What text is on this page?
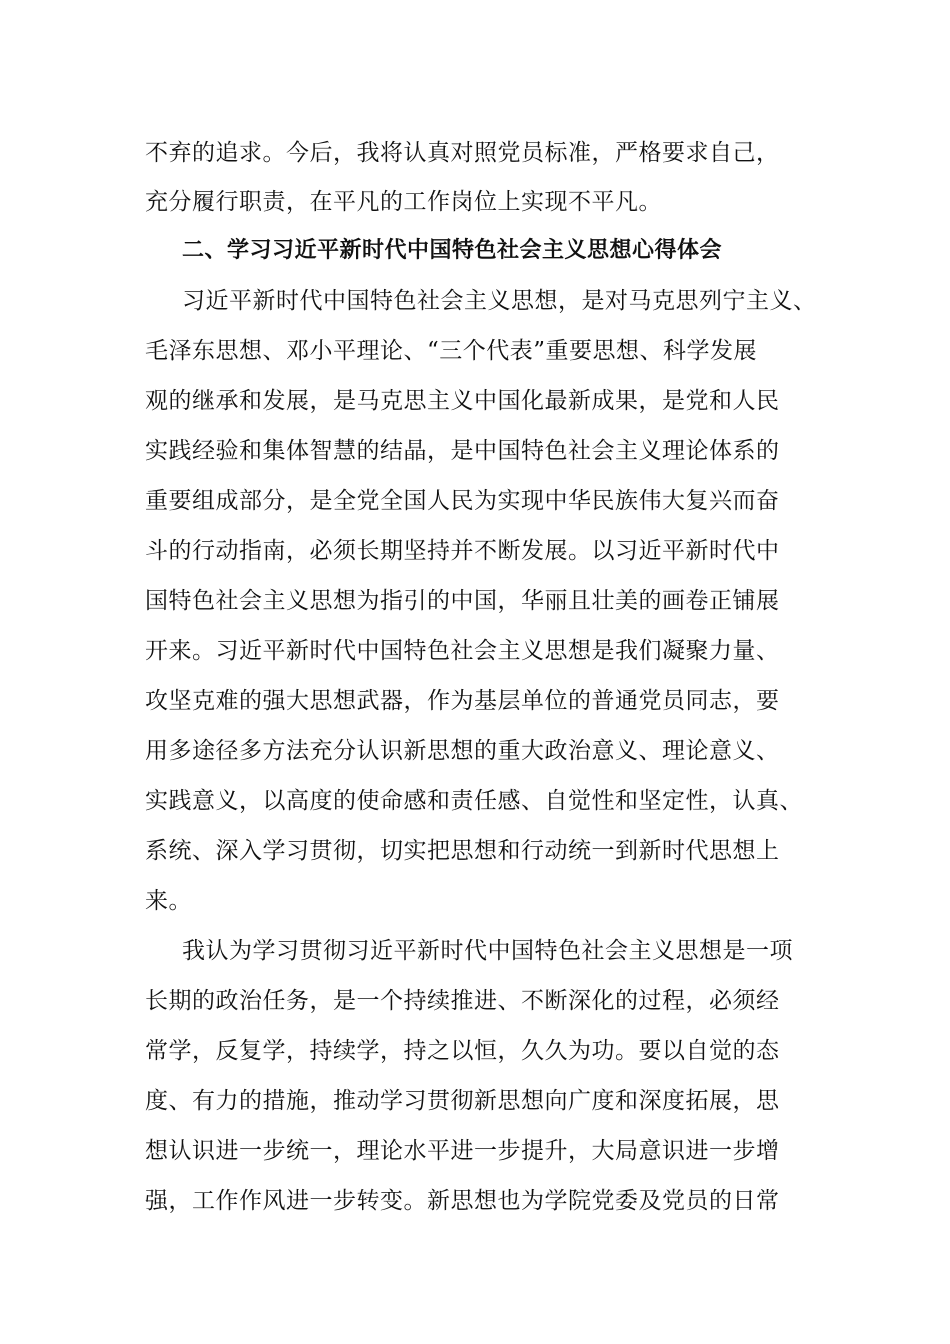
不弃的追求。今后，我将认真对照党员标准，严格要求自己，
充分履行职责，在平凡的工作岗位上实现不平凡。
二、学习习近平新时代中国特色社会主义思想心得体会
习近平新时代中国特色社会主义思想，是对马克思列宁主义、
毛泽东思想、邓小平理论、“三个代表”重要思想、科学发展
观的继承和发展，是马克思主义中国化最新成果，是党和人民
实践经验和集体智慧的结晶，是中国特色社会主义理论体系的
重要组成部分，是全党全国人民为实现中华民族伟大复兴而奋
斗的行动指南，必须长期坚持并不断发展。以习近平新时代中
国特色社会主义思想为指引的中国，华丽且壮美的画卷正铺展
开来。习近平新时代中国特色社会主义思想是我们凝聚力量、
攻坚克难的强大思想武器，作为基层单位的普通党员同志，要
用多途径多方法充分认识新思想的重大政治意义、理论意义、
实践意义，以高度的使命感和责任感、自觉性和坚定性，认真、
系统、深入学习贯彻，切实把思想和行动统一到新时代思想上
来。
我认为学习贯彻习近平新时代中国特色社会主义思想是一项
长期的政治任务，是一个持续推进、不断深化的过程，必须经
常学，反复学，持续学，持之以恒，久久为功。要以自觉的态
度、有力的措施，推动学习贯彻新思想向广度和深度拓展，思
想认识进一步统一，理论水平进一步提升，大局意识进一步增
强，工作作风进一步转变。新思想也为学院党委及党员的日常
